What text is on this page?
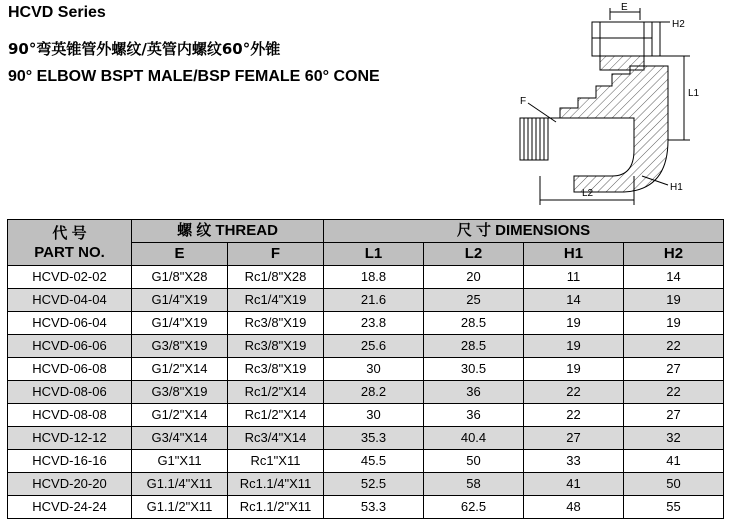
HCVD Series
90°弯英锥管外螺纹/英管内螺纹60°外锥
90° ELBOW BSPT MALE/BSP FEMALE 60° CONE
E
H2
F
L1
L2
H1
代 号
PART NO.	螺 纹 THREAD		尺 寸 DIMENSIONS			
	E	F	L1	L2	H1	H2
HCVD-02-02	G1/8"X28	Rc1/8"X28	18.8	20	11	14
HCVD-04-04	G1/4"X19	Rc1/4"X19	21.6	25	14	19
HCVD-06-04	G1/4"X19	Rc3/8"X19	23.8	28.5	19	19
HCVD-06-06	G3/8"X19	Rc3/8"X19	25.6	28.5	19	22
HCVD-06-08	G1/2"X14	Rc3/8"X19	30	30.5	19	27
HCVD-08-06	G3/8"X19	Rc1/2"X14	28.2	36	22	22
HCVD-08-08	G1/2"X14	Rc1/2"X14	30	36	22	27
HCVD-12-12	G3/4"X14	Rc3/4"X14	35.3	40.4	27	32
HCVD-16-16	G1"X11	Rc1"X11	45.5	50	33	41
HCVD-20-20	G1.1/4"X11	Rc1.1/4"X11	52.5	58	41	50
HCVD-24-24	G1.1/2"X11	Rc1.1/2"X11	53.3	62.5	48	55
